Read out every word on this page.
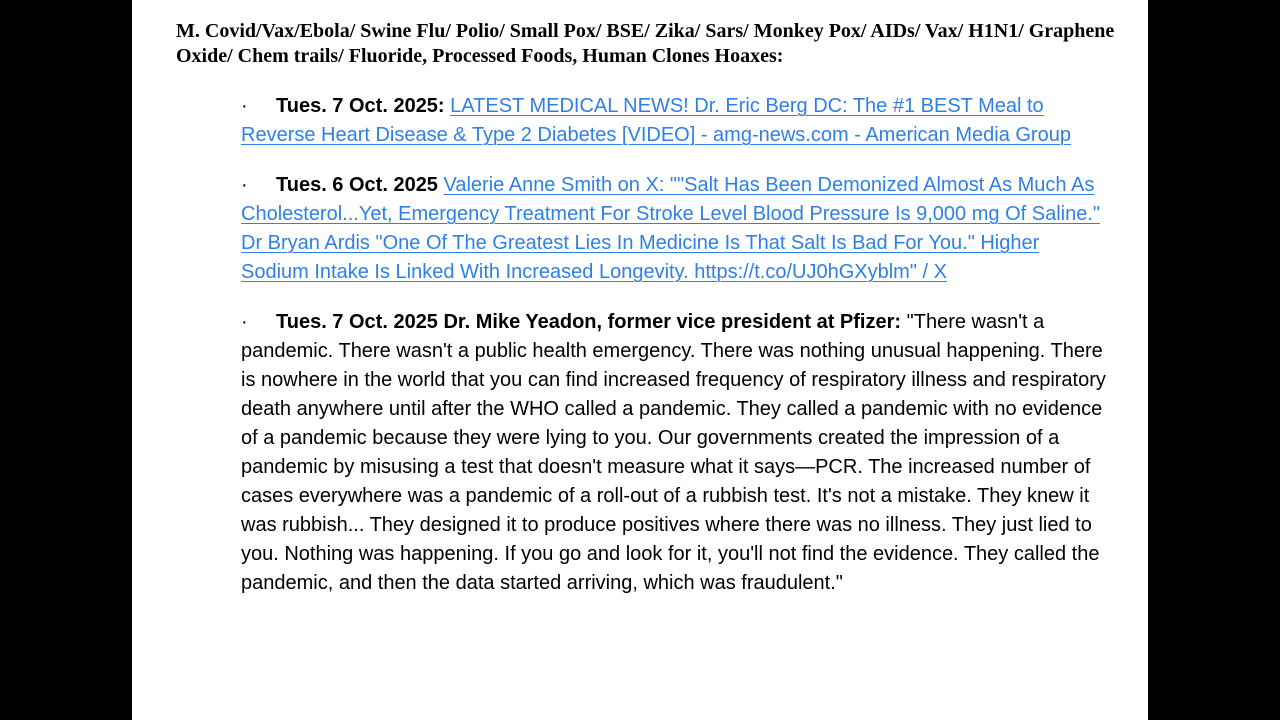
M. Covid/Vax/Ebola/ Swine Flu/ Polio/ Small Pox/ BSE/ Zika/ Sars/ Monkey Pox/ AIDs/ Vax/ H1N1/ Graphene Oxide/ Chem trails/ Fluoride, Processed Foods, Human Clones Hoaxes:
· Tues. 7 Oct. 2025: LATEST MEDICAL NEWS! Dr. Eric Berg DC: The #1 BEST Meal to Reverse Heart Disease & Type 2 Diabetes [VIDEO] - amg-news.com - American Media Group
· Tues. 6 Oct. 2025 Valerie Anne Smith on X: ""Salt Has Been Demonized Almost As Much As Cholesterol...Yet, Emergency Treatment For Stroke Level Blood Pressure Is 9,000 mg Of Saline." Dr Bryan Ardis "One Of The Greatest Lies In Medicine Is That Salt Is Bad For You." Higher Sodium Intake Is Linked With Increased Longevity. https://t.co/UJ0hGXyblm" / X
· Tues. 7 Oct. 2025 Dr. Mike Yeadon, former vice president at Pfizer: "There wasn't a pandemic. There wasn't a public health emergency. There was nothing unusual happening. There is nowhere in the world that you can find increased frequency of respiratory illness and respiratory death anywhere until after the WHO called a pandemic. They called a pandemic with no evidence of a pandemic because they were lying to you. Our governments created the impression of a pandemic by misusing a test that doesn't measure what it says—PCR. The increased number of cases everywhere was a pandemic of a roll-out of a rubbish test. It's not a mistake. They knew it was rubbish... They designed it to produce positives where there was no illness. They just lied to you. Nothing was happening. If you go and look for it, you'll not find the evidence. They called the pandemic, and then the data started arriving, which was fraudulent."
